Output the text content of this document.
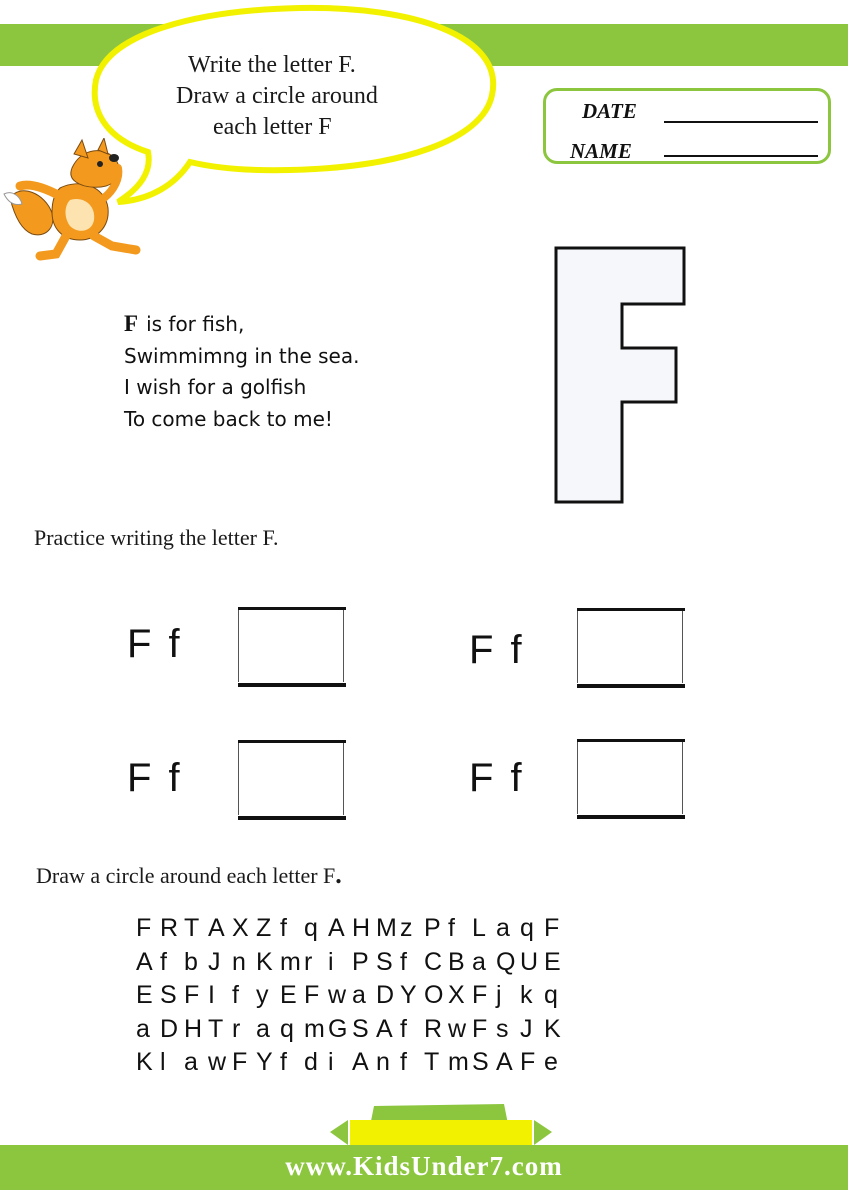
Write the letter F.
Draw a circle around
each letter F
DATE
NAME
F is for fish,
Swimmimng in the sea.
I wish for a golfish
To come back to me!
Practice writing the letter F.
F f	F f
F f	F f
Draw a circle around each letter F.
F R T A X Z f q A H Mz P f L a q F
A f b J n K mr i P S f C B a Q U E
E S F I f y E F w a D Y O X F j k q
a D H T r a q mG S A f R w F s J K
K l a w F Y f d i A n f T mS A F e
www.KidsUnder7.com
